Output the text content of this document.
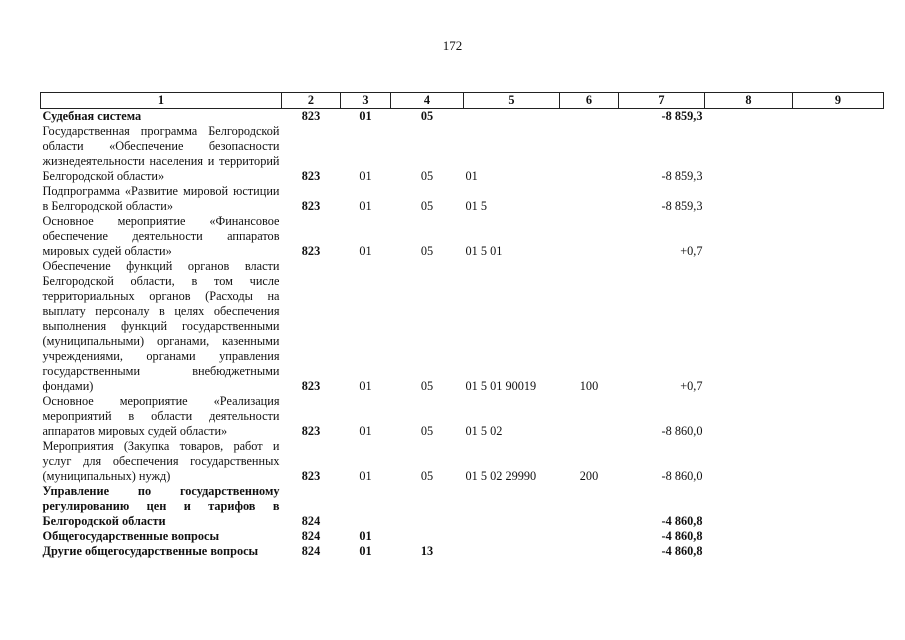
172
1	2	3	4	5	6	7	8	9
Судебная система	823	01	05			-8 859,3		
Государственная программа Белгородской области «Обеспечение безопасности жизнедеятельности населения и территорий Белгородской области»	823	01	05	01		-8 859,3		
Подпрограмма «Развитие мировой юстиции в Белгородской области»	823	01	05	01 5		-8 859,3		
Основное мероприятие «Финансовое обеспечение деятельности аппаратов мировых судей области»	823	01	05	01 5 01		+0,7		
Обеспечение функций органов власти Белгородской области, в том числе территориальных органов (Расходы на выплату персоналу в целях обеспечения выполнения функций государственными (муниципальными) органами, казенными учреждениями, органами управления государственными внебюджетными фондами)	823	01	05	01 5 01 90019	100	+0,7		
Основное мероприятие «Реализация мероприятий в области деятельности аппаратов мировых судей области»	823	01	05	01 5 02		-8 860,0		
Мероприятия (Закупка товаров, работ и услуг для обеспечения государственных (муниципальных) нужд)	823	01	05	01 5 02 29990	200	-8 860,0		
Управление по государственному регулированию цен и тарифов в Белгородской области	824					-4 860,8		
Общегосударственные вопросы	824	01				-4 860,8		
Другие общегосударственные вопросы	824	01	13			-4 860,8		
